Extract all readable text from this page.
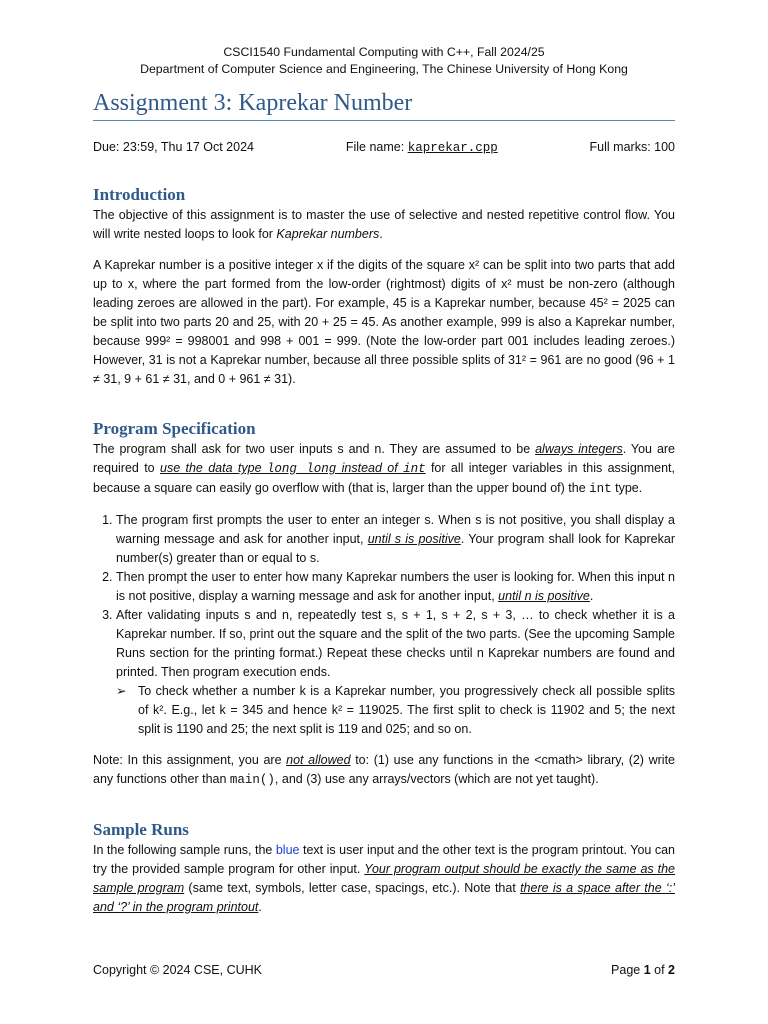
CSCI1540 Fundamental Computing with C++, Fall 2024/25
Department of Computer Science and Engineering, The Chinese University of Hong Kong
Assignment 3: Kaprekar Number
Due: 23:59, Thu 17 Oct 2024	File name: kaprekar.cpp	Full marks: 100
Introduction

The objective of this assignment is to master the use of selective and nested repetitive control flow. You will write nested loops to look for Kaprekar numbers.

A Kaprekar number is a positive integer x if the digits of the square x² can be split into two parts that add up to x, where the part formed from the low-order (rightmost) digits of x² must be non-zero (although leading zeroes are allowed in the part). For example, 45 is a Kaprekar number, because 45² = 2025 can be split into two parts 20 and 25, with 20 + 25 = 45. As another example, 999 is also a Kaprekar number, because 999² = 998001 and 998 + 001 = 999. (Note the low-order part 001 includes leading zeroes.) However, 31 is not a Kaprekar number, because all three possible splits of 31² = 961 are no good (96 + 1 ≠ 31, 9 + 61 ≠ 31, and 0 + 961 ≠ 31).

Program Specification

The program shall ask for two user inputs s and n. They are assumed to be always integers. You are required to use the data type long long instead of int for all integer variables in this assignment, because a square can easily go overflow with (that is, larger than the upper bound of) the int type.

1. The program first prompts the user to enter an integer s. When s is not positive, you shall display a warning message and ask for another input, until s is positive. Your program shall look for Kaprekar number(s) greater than or equal to s.
2. Then prompt the user to enter how many Kaprekar numbers the user is looking for. When this input n is not positive, display a warning message and ask for another input, until n is positive.
3. After validating inputs s and n, repeatedly test s, s + 1, s + 2, s + 3, … to check whether it is a Kaprekar number. If so, print out the square and the split of the two parts. (See the upcoming Sample Runs section for the printing format.) Repeat these checks until n Kaprekar numbers are found and printed. Then program execution ends.
➢ To check whether a number k is a Kaprekar number, you progressively check all possible splits of k². E.g., let k = 345 and hence k² = 119025. The first split to check is 11902 and 5; the next split is 1190 and 25; the next split is 119 and 025; and so on.

Note: In this assignment, you are not allowed to: (1) use any functions in the <cmath> library, (2) write any functions other than main(), and (3) use any arrays/vectors (which are not yet taught).

Sample Runs

In the following sample runs, the blue text is user input and the other text is the program printout. You can try the provided sample program for other input. Your program output should be exactly the same as the sample program (same text, symbols, letter case, spacings, etc.). Note that there is a space after the ‘:’ and ‘?’ in the program printout.

Copyright © 2024 CSE, CUHK	Page 1 of 2
